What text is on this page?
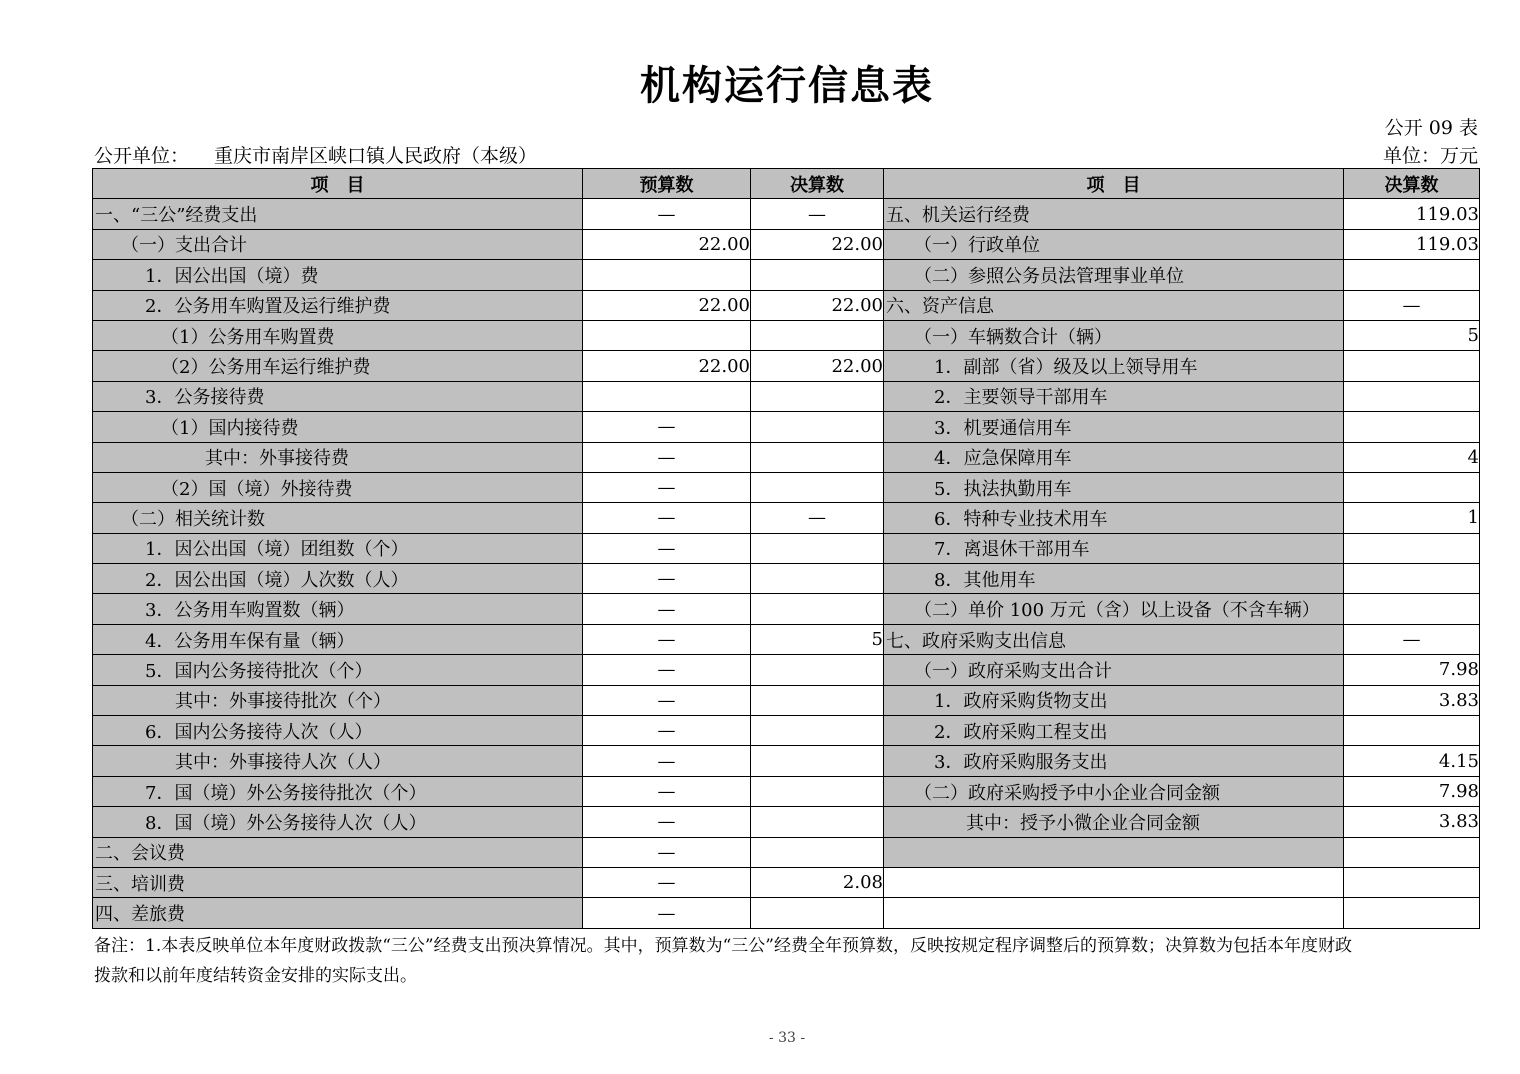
机构运行信息表
公开 09 表
公开单位： 重庆市南岸区峡口镇人民政府（本级）	单位：万元
项　目	预算数	决算数	项　目	决算数
一、“三公”经费支出	—	—	五、机关运行经费	119.03
（一）支出合计	22.00	22.00	（一）行政单位	119.03
1．因公出国（境）费			（二）参照公务员法管理事业单位	
2．公务用车购置及运行维护费	22.00	22.00	六、资产信息	—
（1）公务用车购置费			（一）车辆数合计（辆）	5
（2）公务用车运行维护费	22.00	22.00	1．副部（省）级及以上领导用车	
3．公务接待费			2．主要领导干部用车	
（1）国内接待费	—		3．机要通信用车	
其中：外事接待费	—		4．应急保障用车	4
（2）国（境）外接待费	—		5．执法执勤用车	
（二）相关统计数	—	—	6．特种专业技术用车	1
1．因公出国（境）团组数（个）	—		7．离退休干部用车	
2．因公出国（境）人次数（人）	—		8．其他用车	
3．公务用车购置数（辆）	—		（二）单价 100 万元（含）以上设备（不含车辆）	
4．公务用车保有量（辆）	—	5	七、政府采购支出信息	—
5．国内公务接待批次（个）	—		（一）政府采购支出合计	7.98
其中：外事接待批次（个）	—		1．政府采购货物支出	3.83
6．国内公务接待人次（人）	—		2．政府采购工程支出	
其中：外事接待人次（人）	—		3．政府采购服务支出	4.15
7．国（境）外公务接待批次（个）	—		（二）政府采购授予中小企业合同金额	7.98
8．国（境）外公务接待人次（人）	—		其中：授予小微企业合同金额	3.83
二、会议费	—			
三、培训费	—	2.08		
四、差旅费	—			
备注：1.本表反映单位本年度财政拨款“三公”经费支出预决算情况。其中，预算数为“三公”经费全年预算数，反映按规定程序调整后的预算数；决算数为包括本年度财政
拨款和以前年度结转资金安排的实际支出。
- 33 -
